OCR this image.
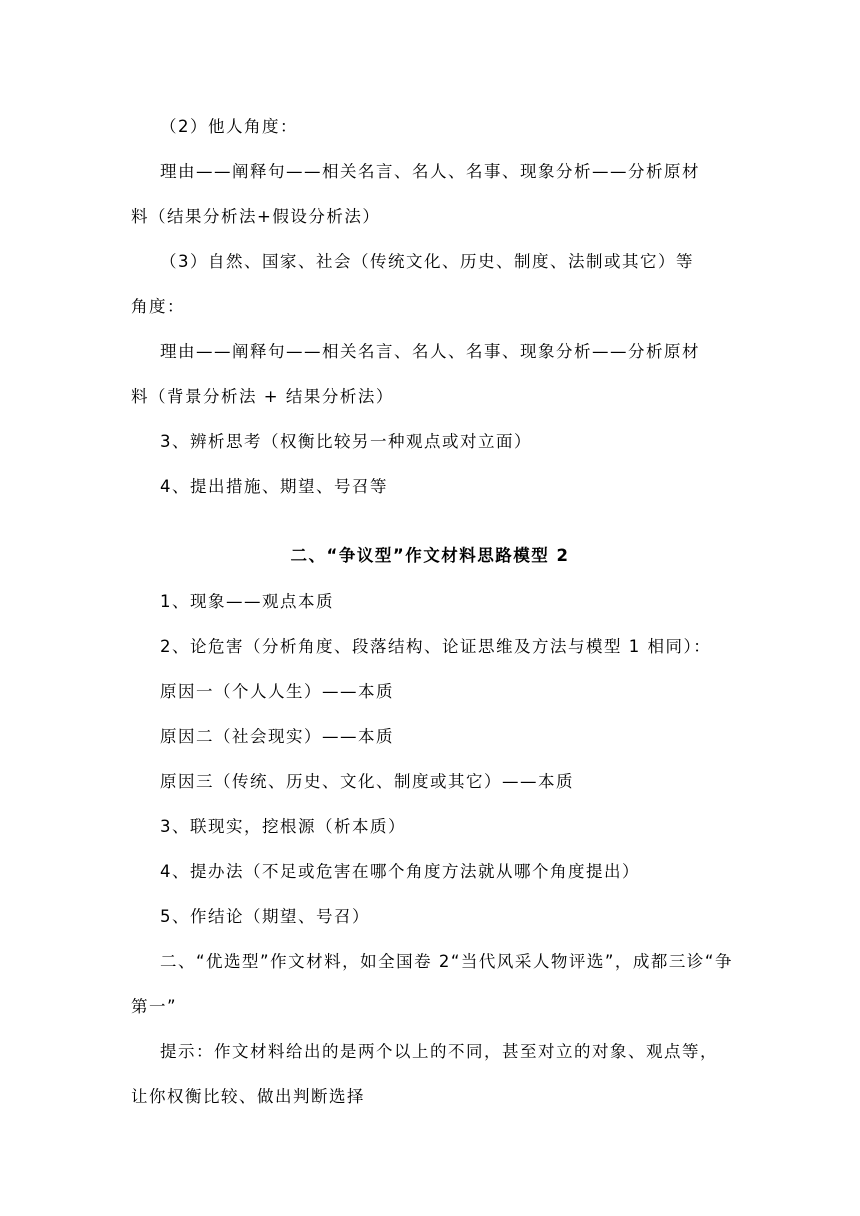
（2）他人角度：
理由——阐释句——相关名言、名人、名事、现象分析——分析原材
料（结果分析法+假设分析法）
（3）自然、国家、社会（传统文化、历史、制度、法制或其它）等
角度：
理由——阐释句——相关名言、名人、名事、现象分析——分析原材
料（背景分析法 + 结果分析法）
3、辨析思考（权衡比较另一种观点或对立面）
4、提出措施、期望、号召等
二、“争议型”作文材料思路模型 2
1、现象——观点本质
2、论危害（分析角度、段落结构、论证思维及方法与模型 1 相同）：
原因一（个人人生）——本质
原因二（社会现实）——本质
原因三（传统、历史、文化、制度或其它）——本质
3、联现实，挖根源（析本质）
4、提办法（不足或危害在哪个角度方法就从哪个角度提出）
5、作结论（期望、号召）
二、“优选型”作文材料，如全国卷 2“当代风采人物评选”，成都三诊“争
第一”
提示：作文材料给出的是两个以上的不同，甚至对立的对象、观点等，
让你权衡比较、做出判断选择
